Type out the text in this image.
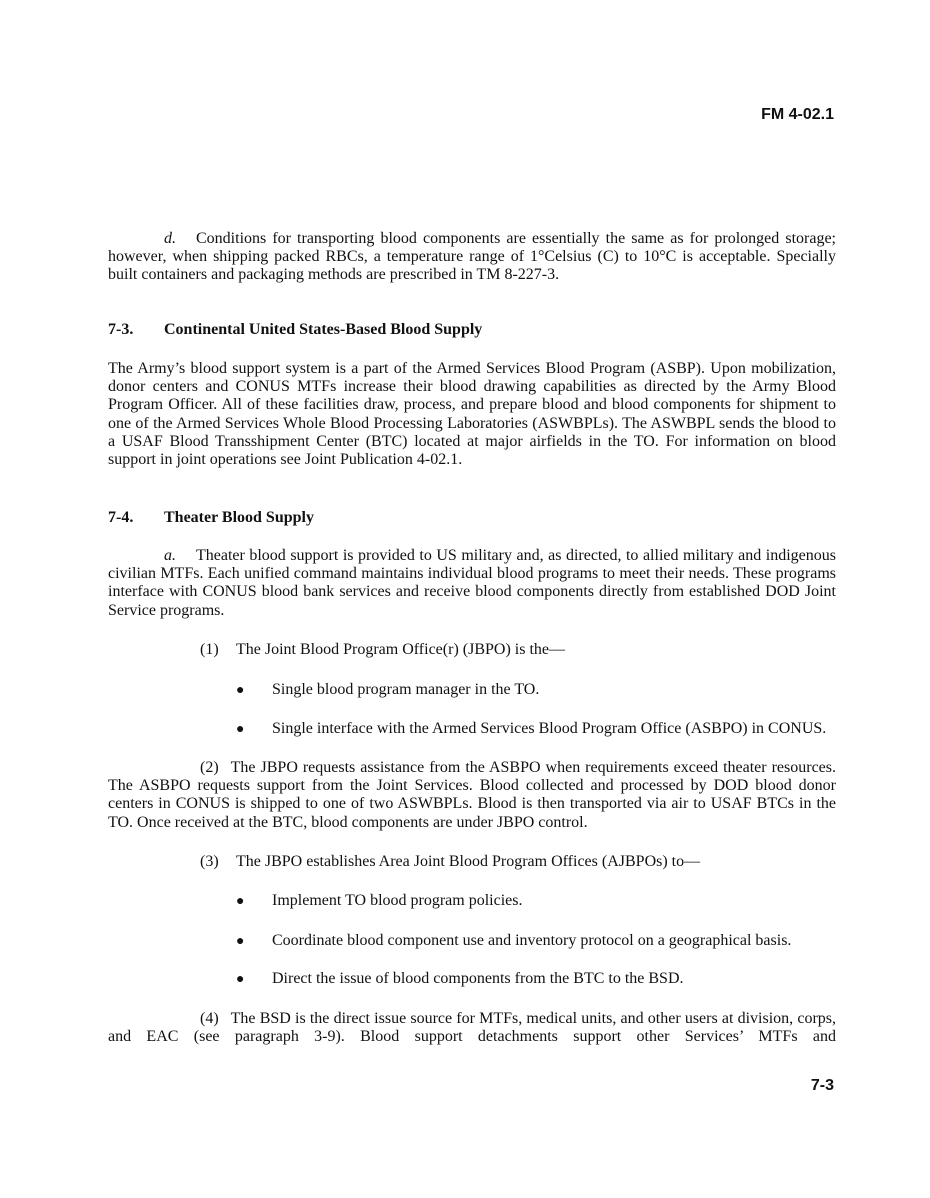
FM 4-02.1
d. Conditions for transporting blood components are essentially the same as for prolonged storage; however, when shipping packed RBCs, a temperature range of 1°Celsius (C) to 10°C is acceptable. Specially built containers and packaging methods are prescribed in TM 8-227-3.
7-3. Continental United States-Based Blood Supply
The Army’s blood support system is a part of the Armed Services Blood Program (ASBP). Upon mobilization, donor centers and CONUS MTFs increase their blood drawing capabilities as directed by the Army Blood Program Officer. All of these facilities draw, process, and prepare blood and blood components for shipment to one of the Armed Services Whole Blood Processing Laboratories (ASWBPLs). The ASWBPL sends the blood to a USAF Blood Transshipment Center (BTC) located at major airfields in the TO. For information on blood support in joint operations see Joint Publication 4-02.1.
7-4. Theater Blood Supply
a. Theater blood support is provided to US military and, as directed, to allied military and indigenous civilian MTFs. Each unified command maintains individual blood programs to meet their needs. These programs interface with CONUS blood bank services and receive blood components directly from established DOD Joint Service programs.
(1) The Joint Blood Program Office(r) (JBPO) is the—
● Single blood program manager in the TO.
● Single interface with the Armed Services Blood Program Office (ASBPO) in CONUS.
(2) The JBPO requests assistance from the ASBPO when requirements exceed theater resources. The ASBPO requests support from the Joint Services. Blood collected and processed by DOD blood donor centers in CONUS is shipped to one of two ASWBPLs. Blood is then transported via air to USAF BTCs in the TO. Once received at the BTC, blood components are under JBPO control.
(3) The JBPO establishes Area Joint Blood Program Offices (AJBPOs) to—
● Implement TO blood program policies.
● Coordinate blood component use and inventory protocol on a geographical basis.
● Direct the issue of blood components from the BTC to the BSD.
(4) The BSD is the direct issue source for MTFs, medical units, and other users at division, corps, and EAC (see paragraph 3-9). Blood support detachments support other Services’ MTFs and
7-3
